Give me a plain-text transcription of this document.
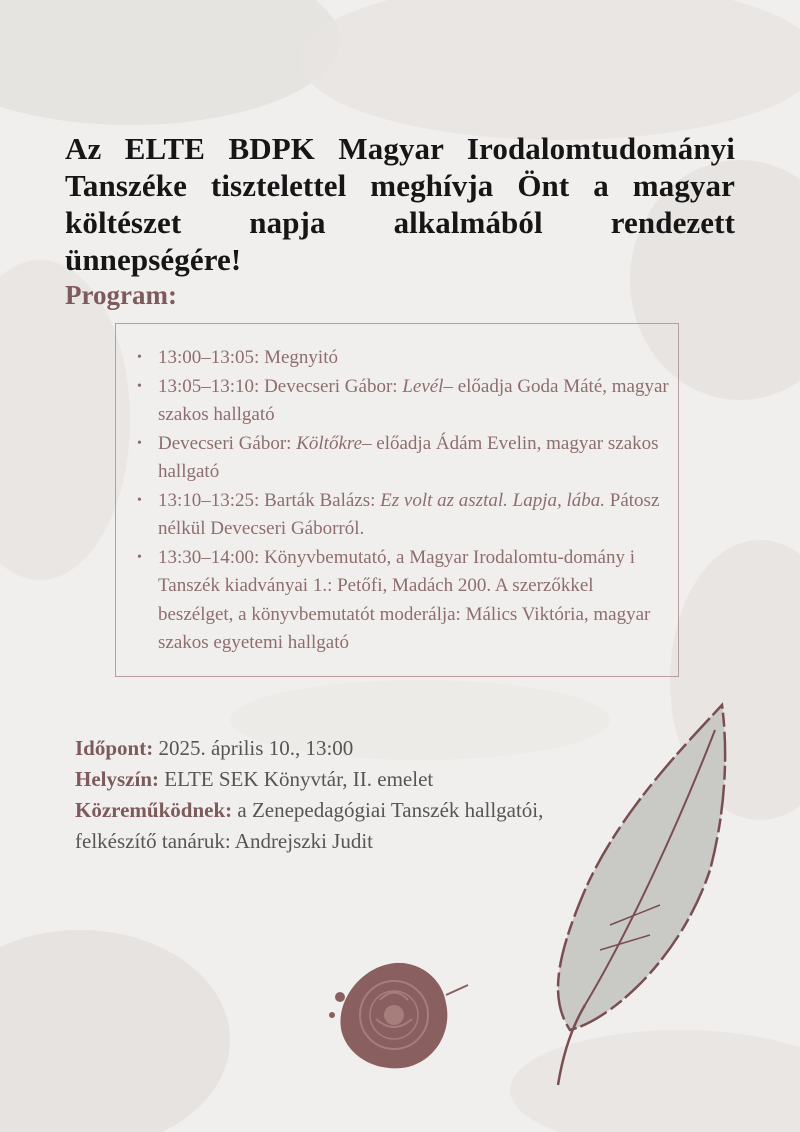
Az ELTE BDPK Magyar Irodalomtudományi Tanszéke tisztelettel meghívja Önt a magyar költészet napja alkalmából rendezett ünnepségére!
Program:
• 13:00–13:05: Megnyitó
• 13:05–13:10: Devecseri Gábor: Levél– előadja Goda Máté, magyar szakos hallgató
• Devecseri Gábor: Költőkre– előadja Ádám Evelin, magyar szakos hallgató
• 13:10–13:25: Barták Balázs: Ez volt az asztal. Lapja, lába. Pátosz nélkül Devecseri Gáborról.
• 13:30–14:00: Könyvbemutató, a Magyar Irodalomtu-domány i Tanszék kiadványai 1.: Petőfi, Madách 200. A szerzőkkel beszélget, a könyvbemutatót moderálja: Málics Viktória, magyar szakos egyetemi hallgató
Időpont: 2025. április 10., 13:00
Helyszín: ELTE SEK Könyvtár, II. emelet
Közreműködnek: a Zenepedagógiai Tanszék hallgatói, felkészítő tanáruk: Andrejszki Judit
